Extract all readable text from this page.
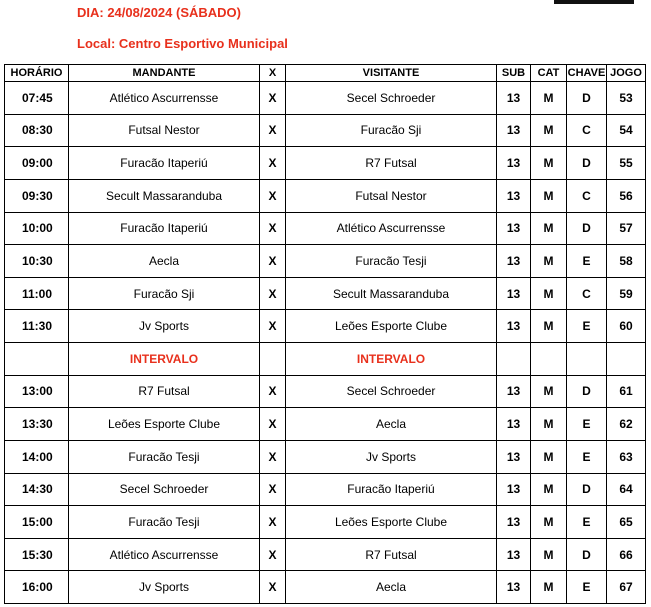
DIA: 24/08/2024 (SÁBADO)
Local: Centro Esportivo Municipal
HORÁRIO	MANDANTE	X	VISITANTE	SUB	CAT	CHAVE	JOGO
07:45	Atlético Ascurrensse	X	Secel Schroeder	13	M	D	53
08:30	Futsal Nestor	X	Furacão Sji	13	M	C	54
09:00	Furacão Itaperiú	X	R7 Futsal	13	M	D	55
09:30	Secult Massaranduba	X	Futsal Nestor	13	M	C	56
10:00	Furacão Itaperiú	X	Atlético Ascurrensse	13	M	D	57
10:30	Aecla	X	Furacão Tesji	13	M	E	58
11:00	Furacão Sji	X	Secult Massaranduba	13	M	C	59
11:30	Jv Sports	X	Leões Esporte Clube	13	M	E	60
	INTERVALO		INTERVALO				
13:00	R7 Futsal	X	Secel Schroeder	13	M	D	61
13:30	Leões Esporte Clube	X	Aecla	13	M	E	62
14:00	Furacão Tesji	X	Jv Sports	13	M	E	63
14:30	Secel Schroeder	X	Furacão Itaperiú	13	M	D	64
15:00	Furacão Tesji	X	Leões Esporte Clube	13	M	E	65
15:30	Atlético Ascurrensse	X	R7 Futsal	13	M	D	66
16:00	Jv Sports	X	Aecla	13	M	E	67
